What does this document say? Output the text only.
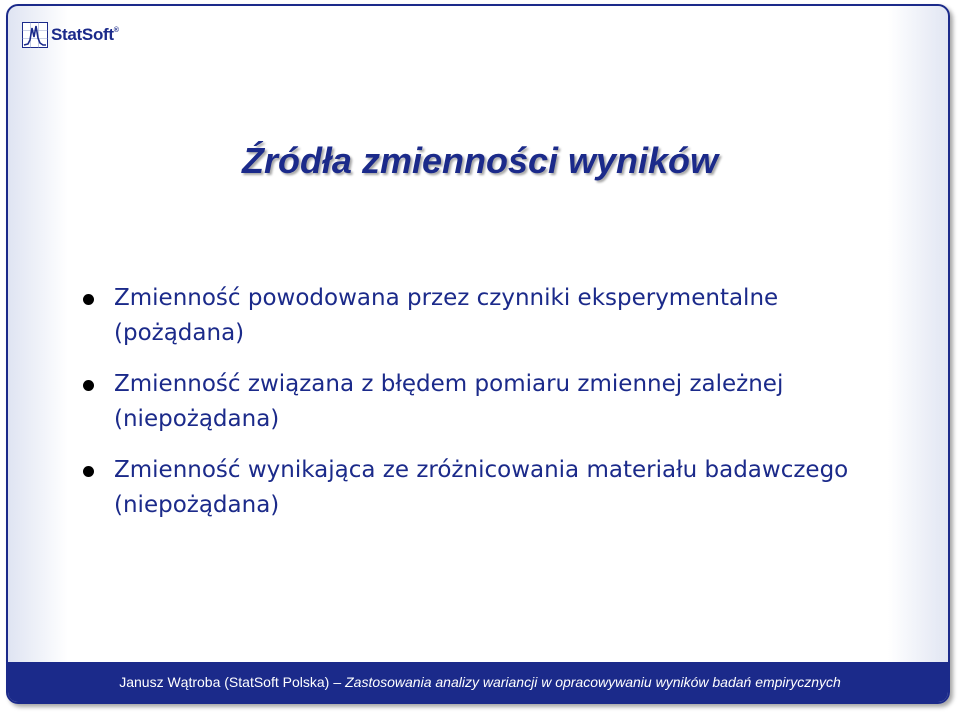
StatSoft®
Źródła zmienności wyników
Zmienność powodowana przez czynniki eksperymentalne (pożądana)
Zmienność związana z błędem pomiaru zmiennej zależnej (niepożądana)
Zmienność wynikająca ze zróżnicowania materiału badawczego (niepożądana)
Janusz Wątroba (StatSoft Polska) – Zastosowania analizy wariancji w opracowywaniu wyników badań empirycznych
